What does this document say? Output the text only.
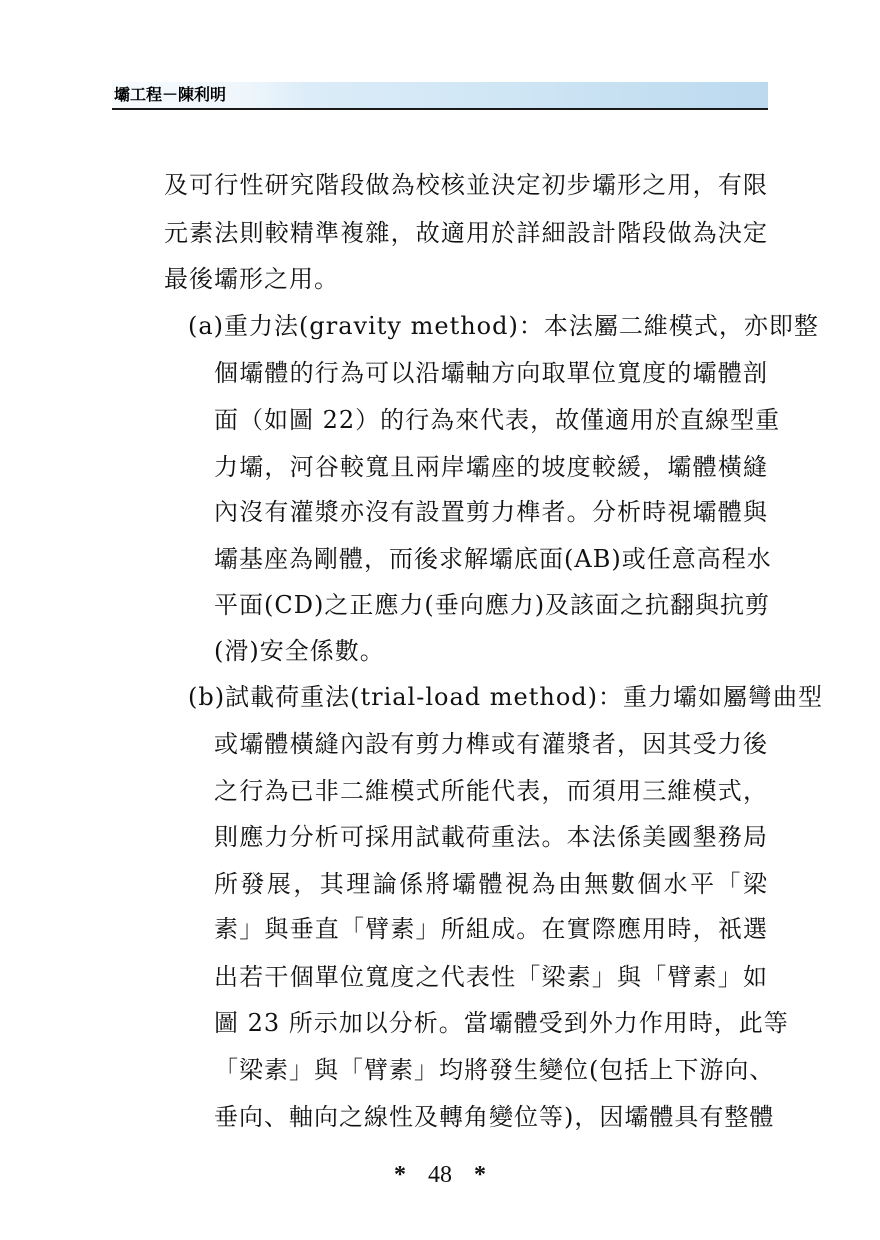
壩工程－陳利明
及可行性研究階段做為校核並決定初步壩形之用，有限
元素法則較精準複雜，故適用於詳細設計階段做為決定
最後壩形之用。
(a)重力法(gravity method)：本法屬二維模式，亦即整
個壩體的行為可以沿壩軸方向取單位寬度的壩體剖
面（如圖 22）的行為來代表，故僅適用於直線型重
力壩，河谷較寬且兩岸壩座的坡度較緩，壩體橫縫
內沒有灌漿亦沒有設置剪力榫者。分析時視壩體與
壩基座為剛體，而後求解壩底面(AB)或任意高程水
平面(CD)之正應力(垂向應力)及該面之抗翻與抗剪
(滑)安全係數。
(b)試載荷重法(trial-load method)：重力壩如屬彎曲型
或壩體橫縫內設有剪力榫或有灌漿者，因其受力後
之行為已非二維模式所能代表，而須用三維模式，
則應力分析可採用試載荷重法。本法係美國墾務局
所發展，其理論係將壩體視為由無數個水平「梁
素」與垂直「臂素」所組成。在實際應用時，祇選
出若干個單位寬度之代表性「梁素」與「臂素」如
圖 23 所示加以分析。當壩體受到外力作用時，此等
「梁素」與「臂素」均將發生變位(包括上下游向、
垂向、軸向之線性及轉角變位等)，因壩體具有整體
* 48 *
